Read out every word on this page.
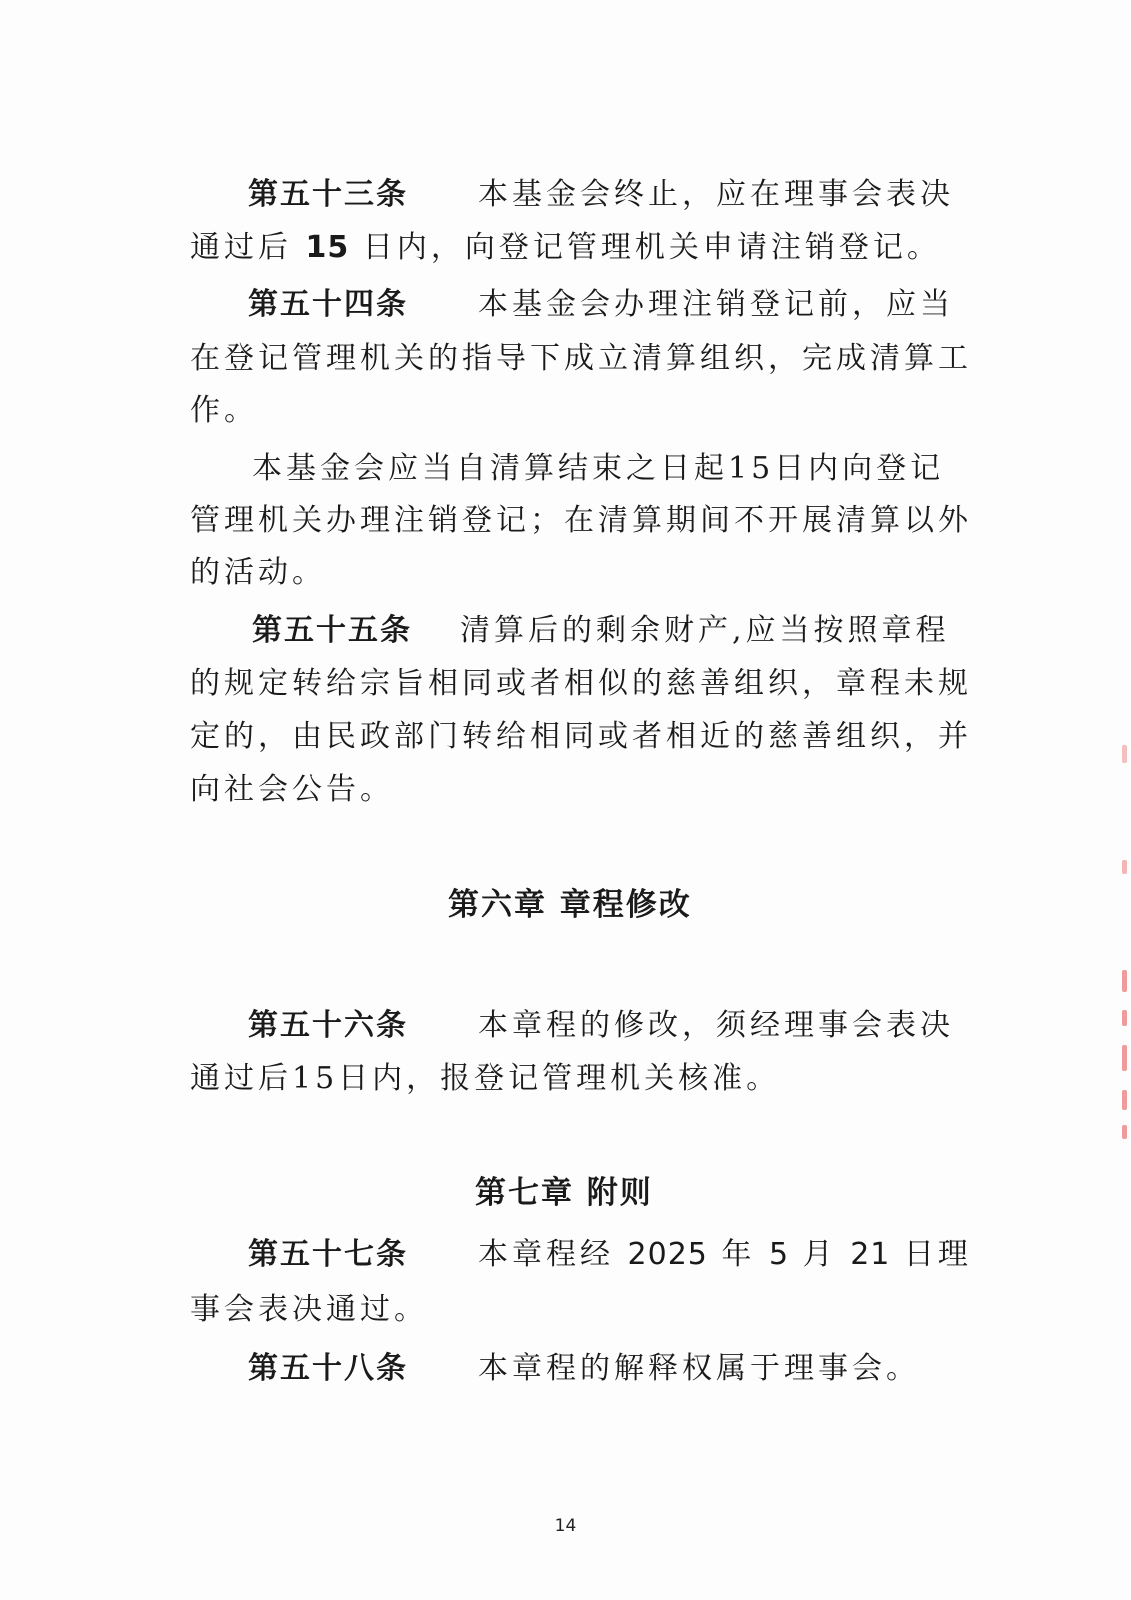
第五十三条 本基金会终止，应在理事会表决
通过后 15 日内，向登记管理机关申请注销登记。
第五十四条 本基金会办理注销登记前，应当
在登记管理机关的指导下成立清算组织，完成清算工
作。
本基金会应当自清算结束之日起15日内向登记
管理机关办理注销登记；在清算期间不开展清算以外
的活动。
第五十五条 清算后的剩余财产,应当按照章程
的规定转给宗旨相同或者相似的慈善组织，章程未规
定的，由民政部门转给相同或者相近的慈善组织，并
向社会公告。
第六章 章程修改
第五十六条 本章程的修改，须经理事会表决
通过后15日内，报登记管理机关核准。
第七章 附则
第五十七条 本章程经 2025 年 5 月 21 日理
事会表决通过。
第五十八条 本章程的解释权属于理事会。
14
